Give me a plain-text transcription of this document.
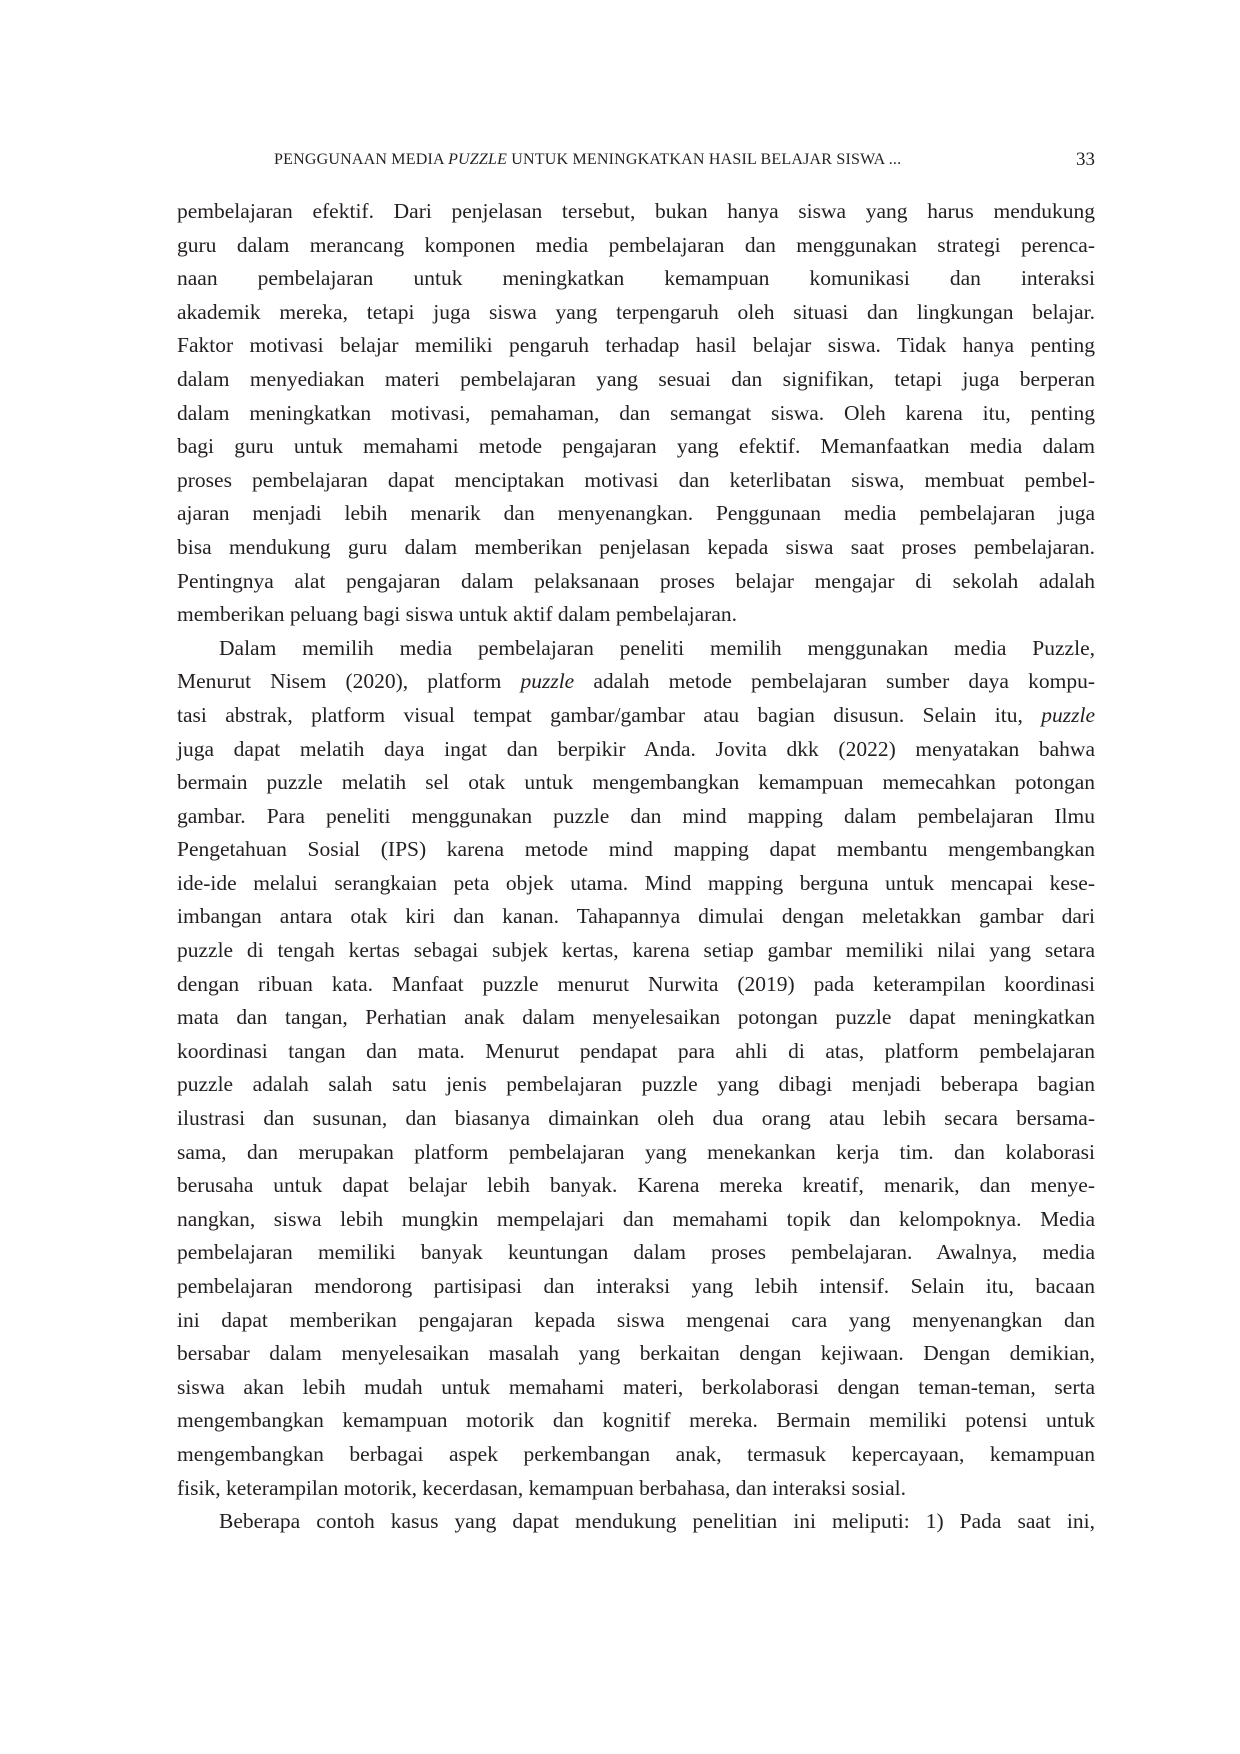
PENGGUNAAN MEDIA PUZZLE UNTUK MENINGKATKAN HASIL BELAJAR SISWA ...	33

pembelajaran efektif. Dari penjelasan tersebut, bukan hanya siswa yang harus mendukung
guru dalam merancang komponen media pembelajaran dan menggunakan strategi perenca-
naan pembelajaran untuk meningkatkan kemampuan komunikasi dan interaksi
akademik mereka, tetapi juga siswa yang terpengaruh oleh situasi dan lingkungan belajar.
Faktor motivasi belajar memiliki pengaruh terhadap hasil belajar siswa. Tidak hanya penting
dalam menyediakan materi pembelajaran yang sesuai dan signifikan, tetapi juga berperan
dalam meningkatkan motivasi, pemahaman, dan semangat siswa. Oleh karena itu, penting
bagi guru untuk memahami metode pengajaran yang efektif. Memanfaatkan media dalam
proses pembelajaran dapat menciptakan motivasi dan keterlibatan siswa, membuat pembel-
ajaran menjadi lebih menarik dan menyenangkan. Penggunaan media pembelajaran juga
bisa mendukung guru dalam memberikan penjelasan kepada siswa saat proses pembelajaran.
Pentingnya alat pengajaran dalam pelaksanaan proses belajar mengajar di sekolah adalah
memberikan peluang bagi siswa untuk aktif dalam pembelajaran.

Dalam memilih media pembelajaran peneliti memilih menggunakan media Puzzle,
Menurut Nisem (2020), platform puzzle adalah metode pembelajaran sumber daya kompu-
tasi abstrak, platform visual tempat gambar/gambar atau bagian disusun. Selain itu, puzzle
juga dapat melatih daya ingat dan berpikir Anda. Jovita dkk (2022) menyatakan bahwa
bermain puzzle melatih sel otak untuk mengembangkan kemampuan memecahkan potongan
gambar. Para peneliti menggunakan puzzle dan mind mapping dalam pembelajaran Ilmu
Pengetahuan Sosial (IPS) karena metode mind mapping dapat membantu mengembangkan
ide-ide melalui serangkaian peta objek utama. Mind mapping berguna untuk mencapai kese-
imbangan antara otak kiri dan kanan. Tahapannya dimulai dengan meletakkan gambar dari
puzzle di tengah kertas sebagai subjek kertas, karena setiap gambar memiliki nilai yang setara
dengan ribuan kata. Manfaat puzzle menurut Nurwita (2019) pada keterampilan koordinasi
mata dan tangan, Perhatian anak dalam menyelesaikan potongan puzzle dapat meningkatkan
koordinasi tangan dan mata. Menurut pendapat para ahli di atas, platform pembelajaran
puzzle adalah salah satu jenis pembelajaran puzzle yang dibagi menjadi beberapa bagian
ilustrasi dan susunan, dan biasanya dimainkan oleh dua orang atau lebih secara bersama-
sama, dan merupakan platform pembelajaran yang menekankan kerja tim. dan kolaborasi
berusaha untuk dapat belajar lebih banyak. Karena mereka kreatif, menarik, dan menye-
nangkan, siswa lebih mungkin mempelajari dan memahami topik dan kelompoknya. Media
pembelajaran memiliki banyak keuntungan dalam proses pembelajaran. Awalnya, media
pembelajaran mendorong partisipasi dan interaksi yang lebih intensif. Selain itu, bacaan
ini dapat memberikan pengajaran kepada siswa mengenai cara yang menyenangkan dan
bersabar dalam menyelesaikan masalah yang berkaitan dengan kejiwaan. Dengan demikian,
siswa akan lebih mudah untuk memahami materi, berkolaborasi dengan teman-teman, serta
mengembangkan kemampuan motorik dan kognitif mereka. Bermain memiliki potensi untuk
mengembangkan berbagai aspek perkembangan anak, termasuk kepercayaan, kemampuan
fisik, keterampilan motorik, kecerdasan, kemampuan berbahasa, dan interaksi sosial.

Beberapa contoh kasus yang dapat mendukung penelitian ini meliputi: 1) Pada saat ini,
